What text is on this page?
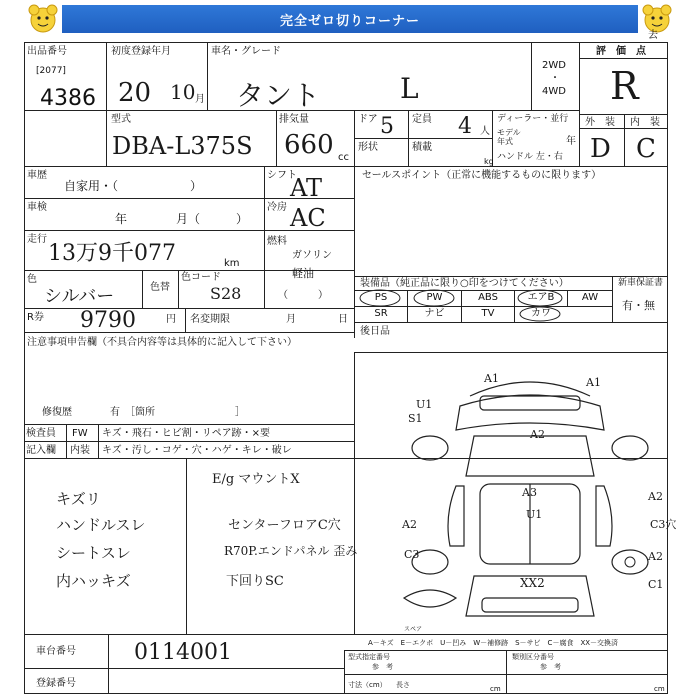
完全ゼロ切りコーナー
出品番号
[2077]
4386
初度登録年月
20 10 月
車名・グレード
タント	L
2WD
・
4WD
評　価　点
R
外　装 内　装
D C
去
型式
DBA-L375S
排気量
660 cc
ドア 5 定員 4 人
形状	積載
kg
ディーラー・並行
モデル年式	年
ハンドル 左・右
車歴
自家用・（　　　　　　）
車検
年	月（　　　）
走行
13万9千077	km
色
シルバー	色替
色コード
S28
シフト
AT
冷房 AC
燃料
ガソリン
軽油
（　　　）
R券 9790	円 名変期限	月	日
注意事項申告欄（不具合内容等は具体的に記入して下さい）
修復歴	有　［箇所　　　　　　　　］
セールスポイント（正常に機能するものに限ります）
装備品（純正品に限り○印をつけてください）	新車保証書
有・無
PS	PW	ABS	エアB	AW
SR	ナビ	TV	カワ
後日品
検査員
記入欄
FW キズ・飛石・ヒビ割・リペア跡・×要
内装 キズ・汚し・コゲ・穴・ハゲ・キレ・破レ
キズリ
ハンドルスレ
シートスレ
内ハッキズ
E/g マウントX
センターフロアC穴
R70P.エンドパネル 歪み
下回りSC
A1	A1
U1
S1
A2
A3
U1
A2
A2
C3穴
C3	A2
C1
XX2
スペア
A－キズ　E－エクボ　U－凹み　W－補修跡　S－サビ　C－腐食　XX－交換済
車台番号	0114001
登録番号
型式指定番号
参　考
類別区分番号
参　考
寸法（cm） 長さ	cm	cm
